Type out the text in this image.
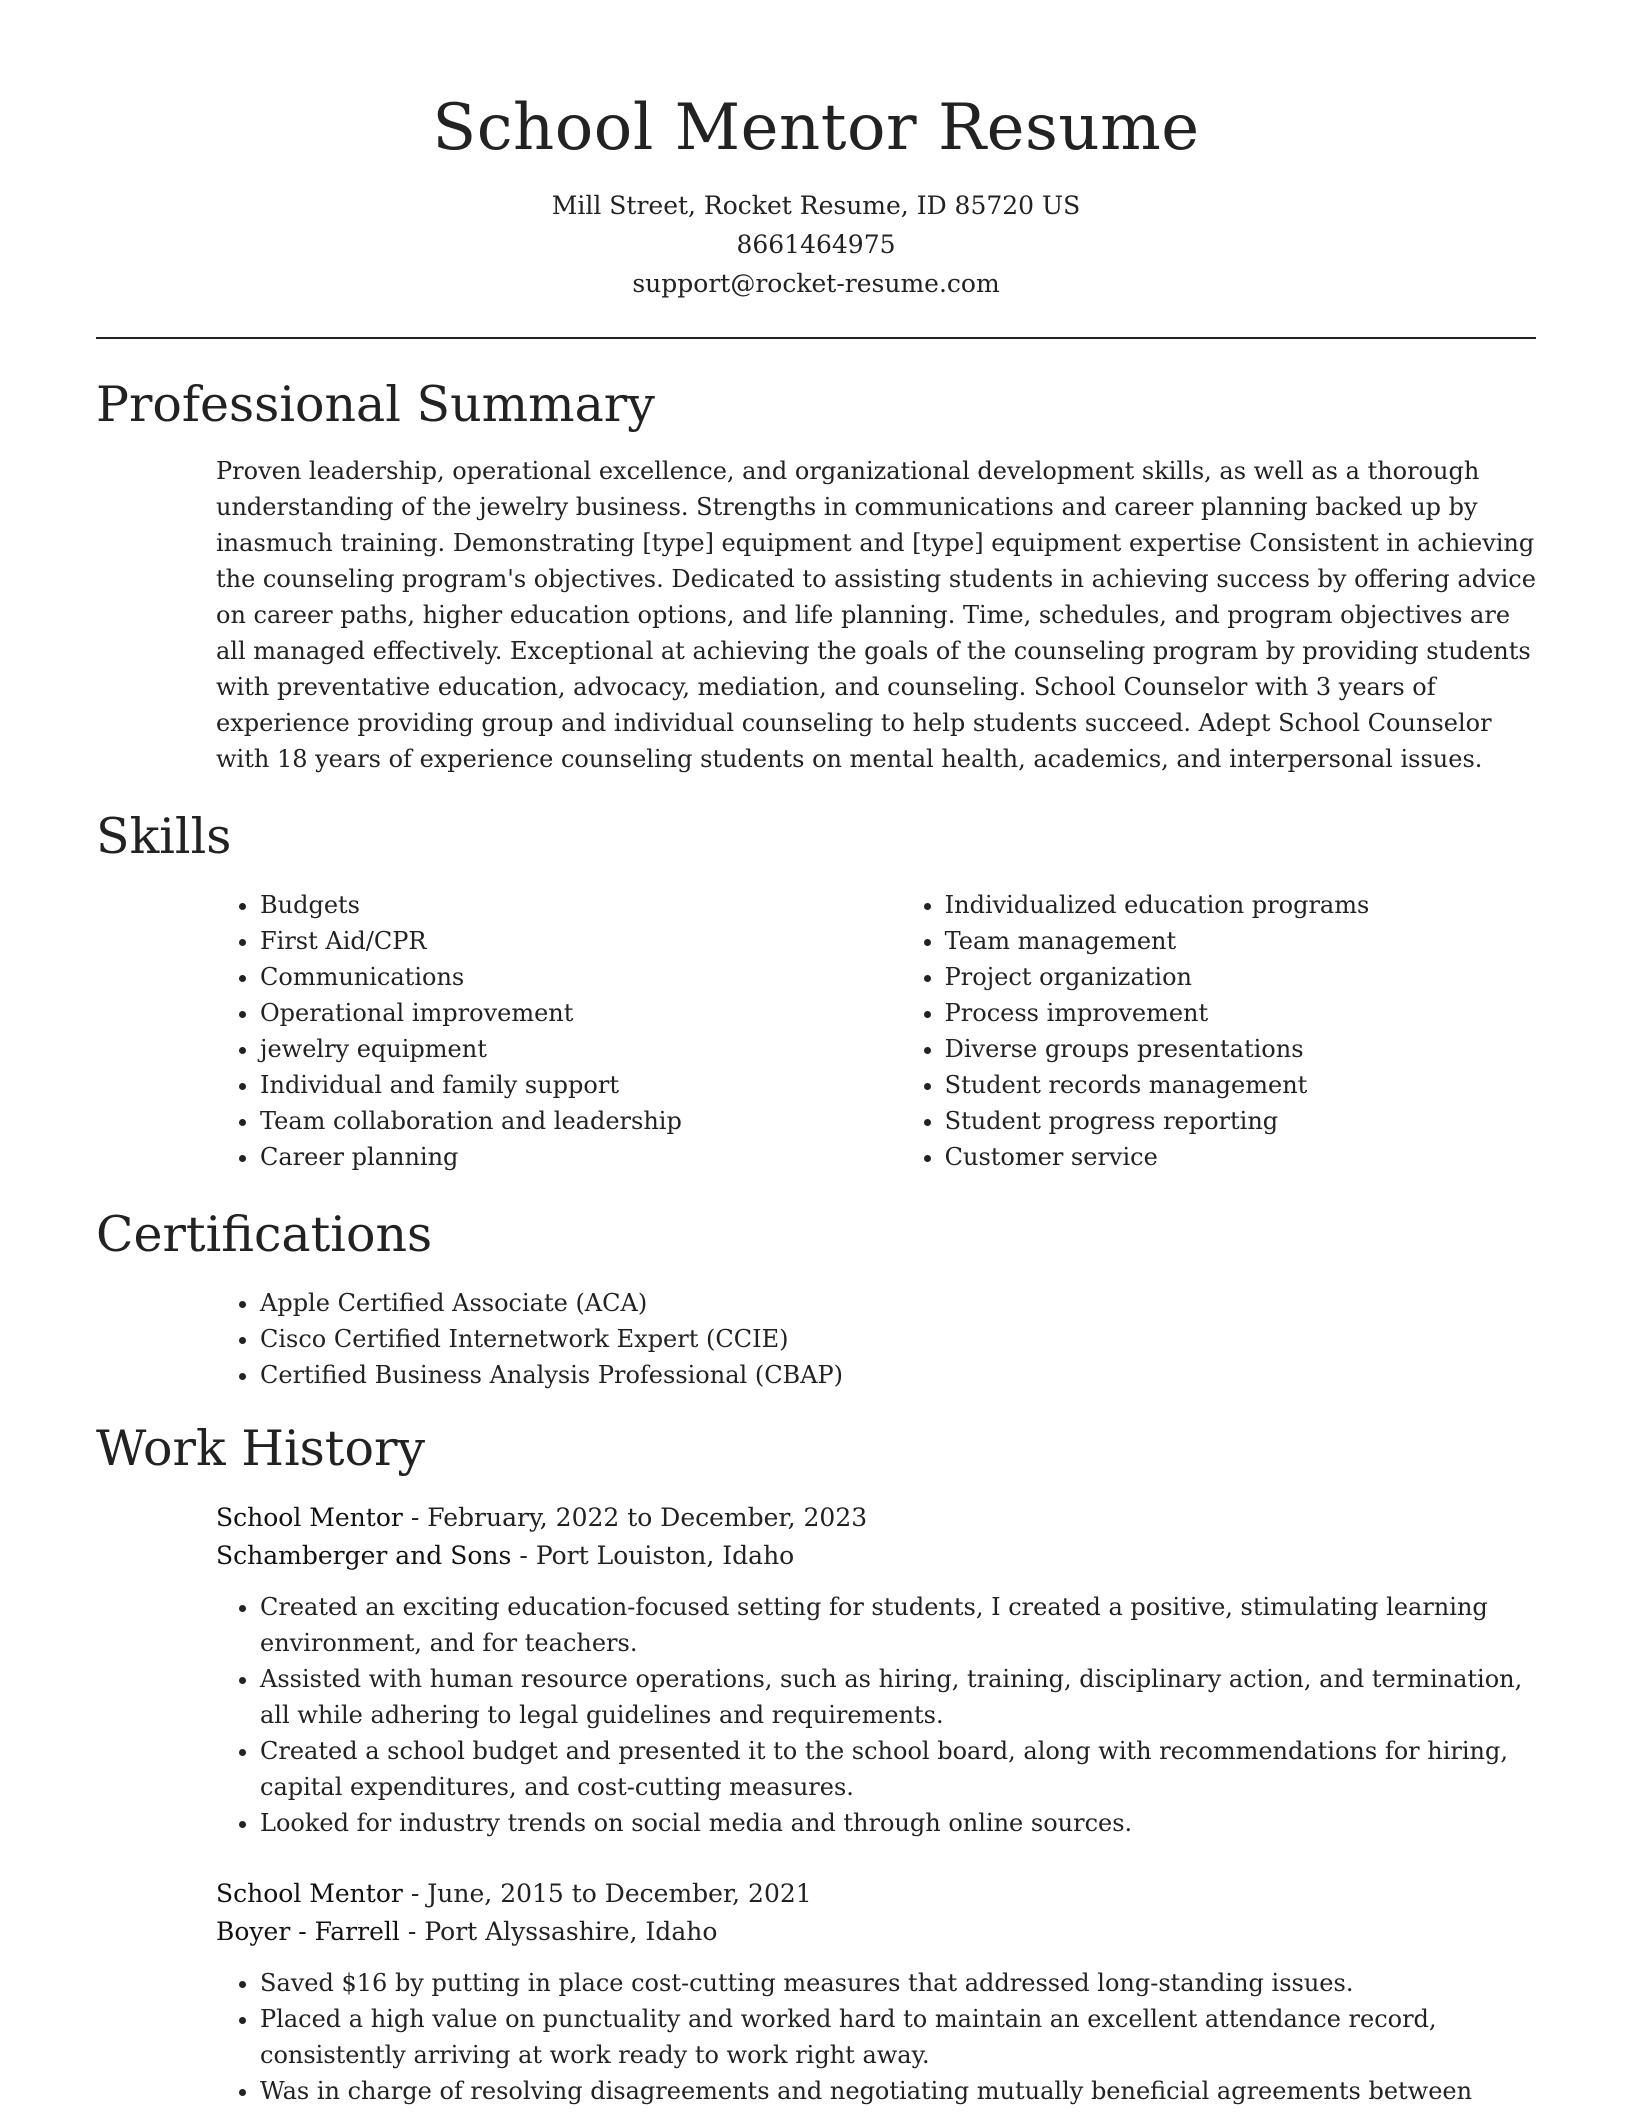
School Mentor Resume
Mill Street, Rocket Resume, ID 85720 US
8661464975
support@rocket-resume.com
Professional Summary

Proven leadership, operational excellence, and organizational development skills, as well as a thorough understanding of the jewelry business. Strengths in communications and career planning backed up by inasmuch training. Demonstrating [type] equipment and [type] equipment expertise Consistent in achieving the counseling program's objectives. Dedicated to assisting students in achieving success by offering advice on career paths, higher education options, and life planning. Time, schedules, and program objectives are all managed effectively. Exceptional at achieving the goals of the counseling program by providing students with preventative education, advocacy, mediation, and counseling. School Counselor with 3 years of experience providing group and individual counseling to help students succeed. Adept School Counselor with 18 years of experience counseling students on mental health, academics, and interpersonal issues.

Skills
• Budgets
• First Aid/CPR
• Communications
• Operational improvement
• jewelry equipment
• Individual and family support
• Team collaboration and leadership
• Career planning
• Individualized education programs
• Team management
• Project organization
• Process improvement
• Diverse groups presentations
• Student records management
• Student progress reporting
• Customer service
Certifications
• Apple Certified Associate (ACA)
• Cisco Certified Internetwork Expert (CCIE)
• Certified Business Analysis Professional (CBAP)
Work History
School Mentor - February, 2022 to December, 2023
Schamberger and Sons - Port Louiston, Idaho
• Created an exciting education-focused setting for students, I created a positive, stimulating learning environment, and for teachers.
• Assisted with human resource operations, such as hiring, training, disciplinary action, and termination, all while adhering to legal guidelines and requirements.
• Created a school budget and presented it to the school board, along with recommendations for hiring, capital expenditures, and cost-cutting measures.
• Looked for industry trends on social media and through online sources.
School Mentor - June, 2015 to December, 2021
Boyer - Farrell - Port Alyssashire, Idaho
• Saved $16 by putting in place cost-cutting measures that addressed long-standing issues.
• Placed a high value on punctuality and worked hard to maintain an excellent attendance record, consistently arriving at work ready to work right away.
• Was in charge of resolving disagreements and negotiating mutually beneficial agreements between
